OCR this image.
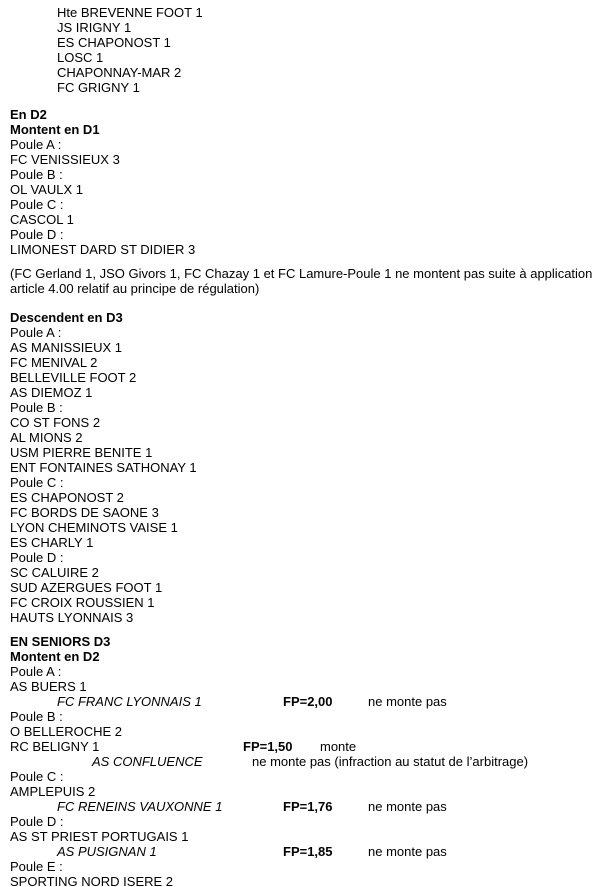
Hte BREVENNE FOOT 1
JS IRIGNY 1
ES CHAPONOST 1
LOSC 1
CHAPONNAY-MAR 2
FC GRIGNY 1
En D2
Montent en D1
Poule A :
FC VENISSIEUX 3
Poule B :
OL VAULX 1
Poule C :
CASCOL 1
Poule D :
LIMONEST DARD ST DIDIER 3
(FC Gerland 1, JSO Givors 1, FC Chazay 1 et FC Lamure-Poule 1 ne montent pas suite à application
article 4.00 relatif au principe de régulation)
Descendent en D3
Poule A :
AS MANISSIEUX 1
FC MENIVAL 2
BELLEVILLE FOOT 2
AS DIEMOZ 1
Poule B :
CO ST FONS 2
AL MIONS 2
USM PIERRE BENITE 1
ENT FONTAINES SATHONAY 1
Poule C :
ES CHAPONOST 2
FC BORDS DE SAONE 3
LYON CHEMINOTS VAISE 1
ES CHARLY 1
Poule D :
SC CALUIRE 2
SUD AZERGUES FOOT 1
FC CROIX ROUSSIEN 1
HAUTS LYONNAIS 3
EN SENIORS D3
Montent en D2
Poule A :
AS BUERS 1
FC FRANC LYONNAIS 1	FP=2,00	ne monte pas
Poule B :
O BELLEROCHE 2
RC BELIGNY 1	FP=1,50 monte
AS CONFLUENCE	ne monte pas (infraction au statut de l’arbitrage)
Poule C :
AMPLEPUIS 2
FC RENEINS VAUXONNE 1	FP=1,76	ne monte pas
Poule D :
AS ST PRIEST PORTUGAIS 1
AS PUSIGNAN 1	FP=1,85	ne monte pas
Poule E :
SPORTING NORD ISERE 2
